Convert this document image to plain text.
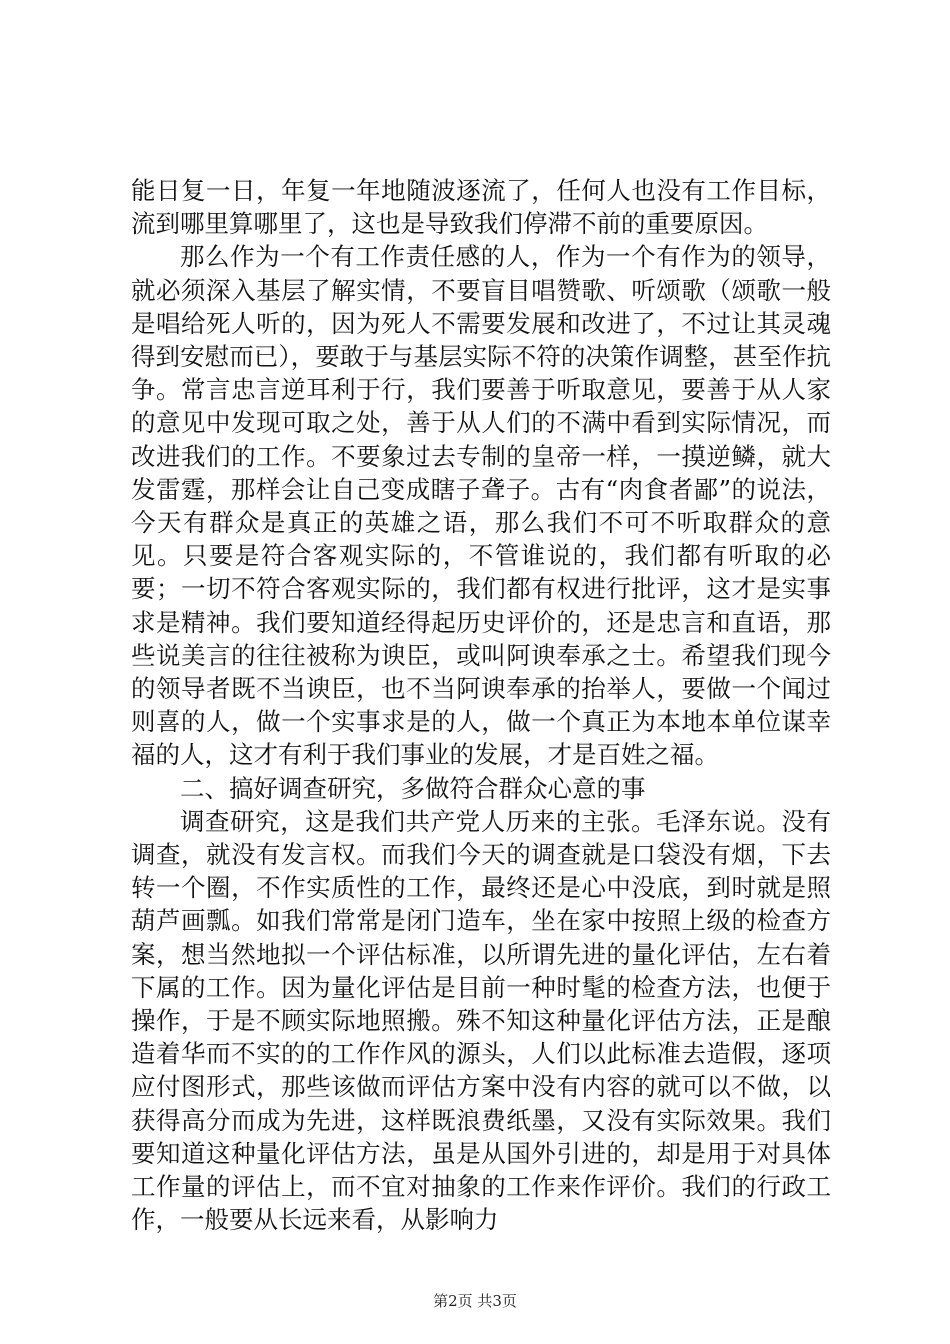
能日复一日，年复一年地随波逐流了，任何人也没有工作目标，流到哪里算哪里了，这也是导致我们停滞不前的重要原因。

那么作为一个有工作责任感的人，作为一个有作为的领导，就必须深入基层了解实情，不要盲目唱赞歌、听颂歌（颂歌一般是唱给死人听的，因为死人不需要发展和改进了，不过让其灵魂得到安慰而已），要敢于与基层实际不符的决策作调整，甚至作抗争。常言忠言逆耳利于行，我们要善于听取意见，要善于从人家的意见中发现可取之处，善于从人们的不满中看到实际情况，而改进我们的工作。不要象过去专制的皇帝一样，一摸逆鳞，就大发雷霆，那样会让自己变成瞎子聋子。古有“肉食者鄙”的说法，今天有群众是真正的英雄之语，那么我们不可不听取群众的意见。只要是符合客观实际的，不管谁说的，我们都有听取的必要；一切不符合客观实际的，我们都有权进行批评，这才是实事求是精神。我们要知道经得起历史评价的，还是忠言和直语，那些说美言的往往被称为谀臣，或叫阿谀奉承之士。希望我们现今的领导者既不当谀臣，也不当阿谀奉承的抬举人，要做一个闻过则喜的人，做一个实事求是的人，做一个真正为本地本单位谋幸福的人，这才有利于我们事业的发展，才是百姓之福。

二、搞好调查研究，多做符合群众心意的事

调查研究，这是我们共产党人历来的主张。毛泽东说。没有调查，就没有发言权。而我们今天的调查就是口袋没有烟，下去转一个圈，不作实质性的工作，最终还是心中没底，到时就是照葫芦画瓢。如我们常常是闭门造车，坐在家中按照上级的检查方案，想当然地拟一个评估标准，以所谓先进的量化评估，左右着下属的工作。因为量化评估是目前一种时髦的检查方法，也便于操作，于是不顾实际地照搬。殊不知这种量化评估方法，正是酿造着华而不实的的工作作风的源头，人们以此标准去造假，逐项应付图形式，那些该做而评估方案中没有内容的就可以不做，以获得高分而成为先进，这样既浪费纸墨，又没有实际效果。我们要知道这种量化评估方法，虽是从国外引进的，却是用于对具体工作量的评估上，而不宜对抽象的工作来作评价。我们的行政工作，一般要从长远来看，从影响力

第2页 共3页
